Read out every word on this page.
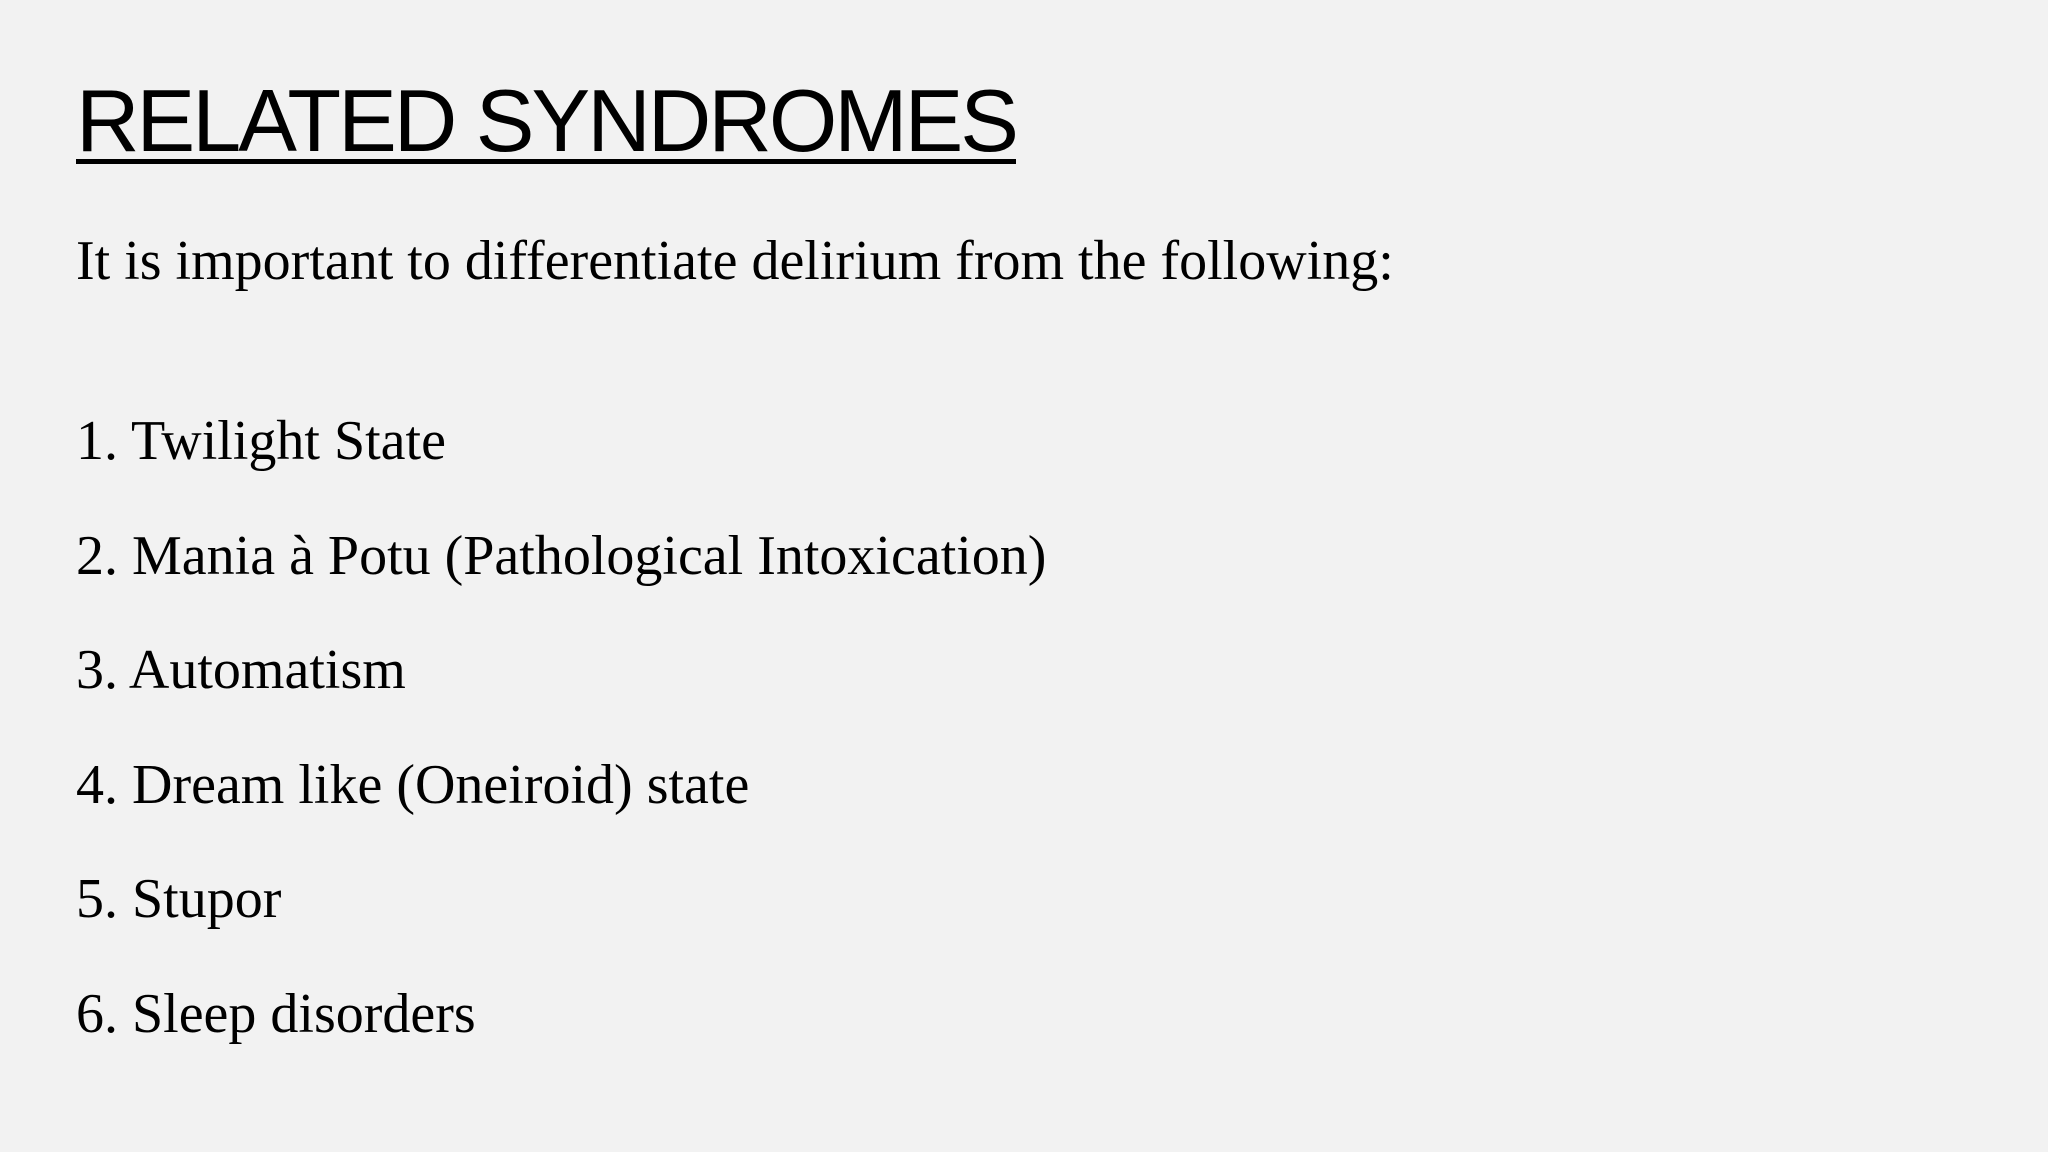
RELATED SYNDROMES

It is important to differentiate delirium from the following:

1. Twilight State
2. Mania à Potu (Pathological Intoxication)
3. Automatism
4. Dream like (Oneiroid) state
5. Stupor
6. Sleep disorders
